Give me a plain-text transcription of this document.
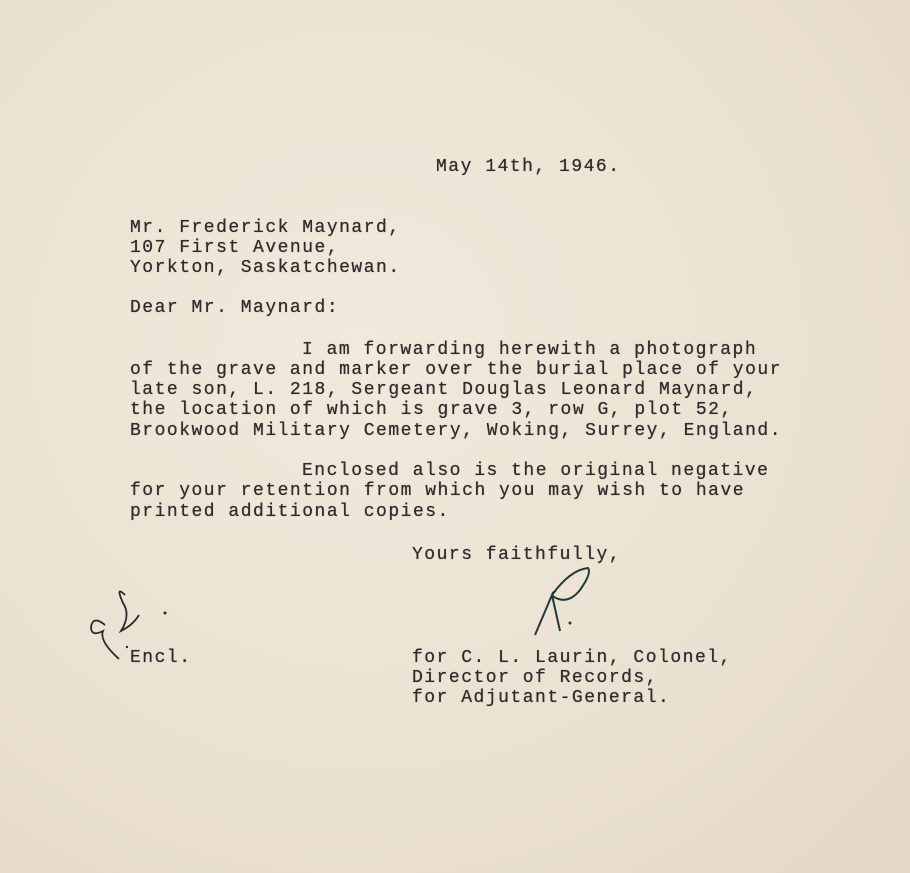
May 14th, 1946.
Mr. Frederick Maynard,
107 First Avenue,
Yorkton, Saskatchewan.
Dear Mr. Maynard:
I am forwarding herewith a photograph
of the grave and marker over the burial place of your
late son, L. 218, Sergeant Douglas Leonard Maynard,
the location of which is grave 3, row G, plot 52,
Brookwood Military Cemetery, Woking, Surrey, England.
Enclosed also is the original negative
for your retention from which you may wish to have
printed additional copies.
Yours faithfully,
Encl.	for C. L. Laurin, Colonel,
Director of Records,
for Adjutant-General.
